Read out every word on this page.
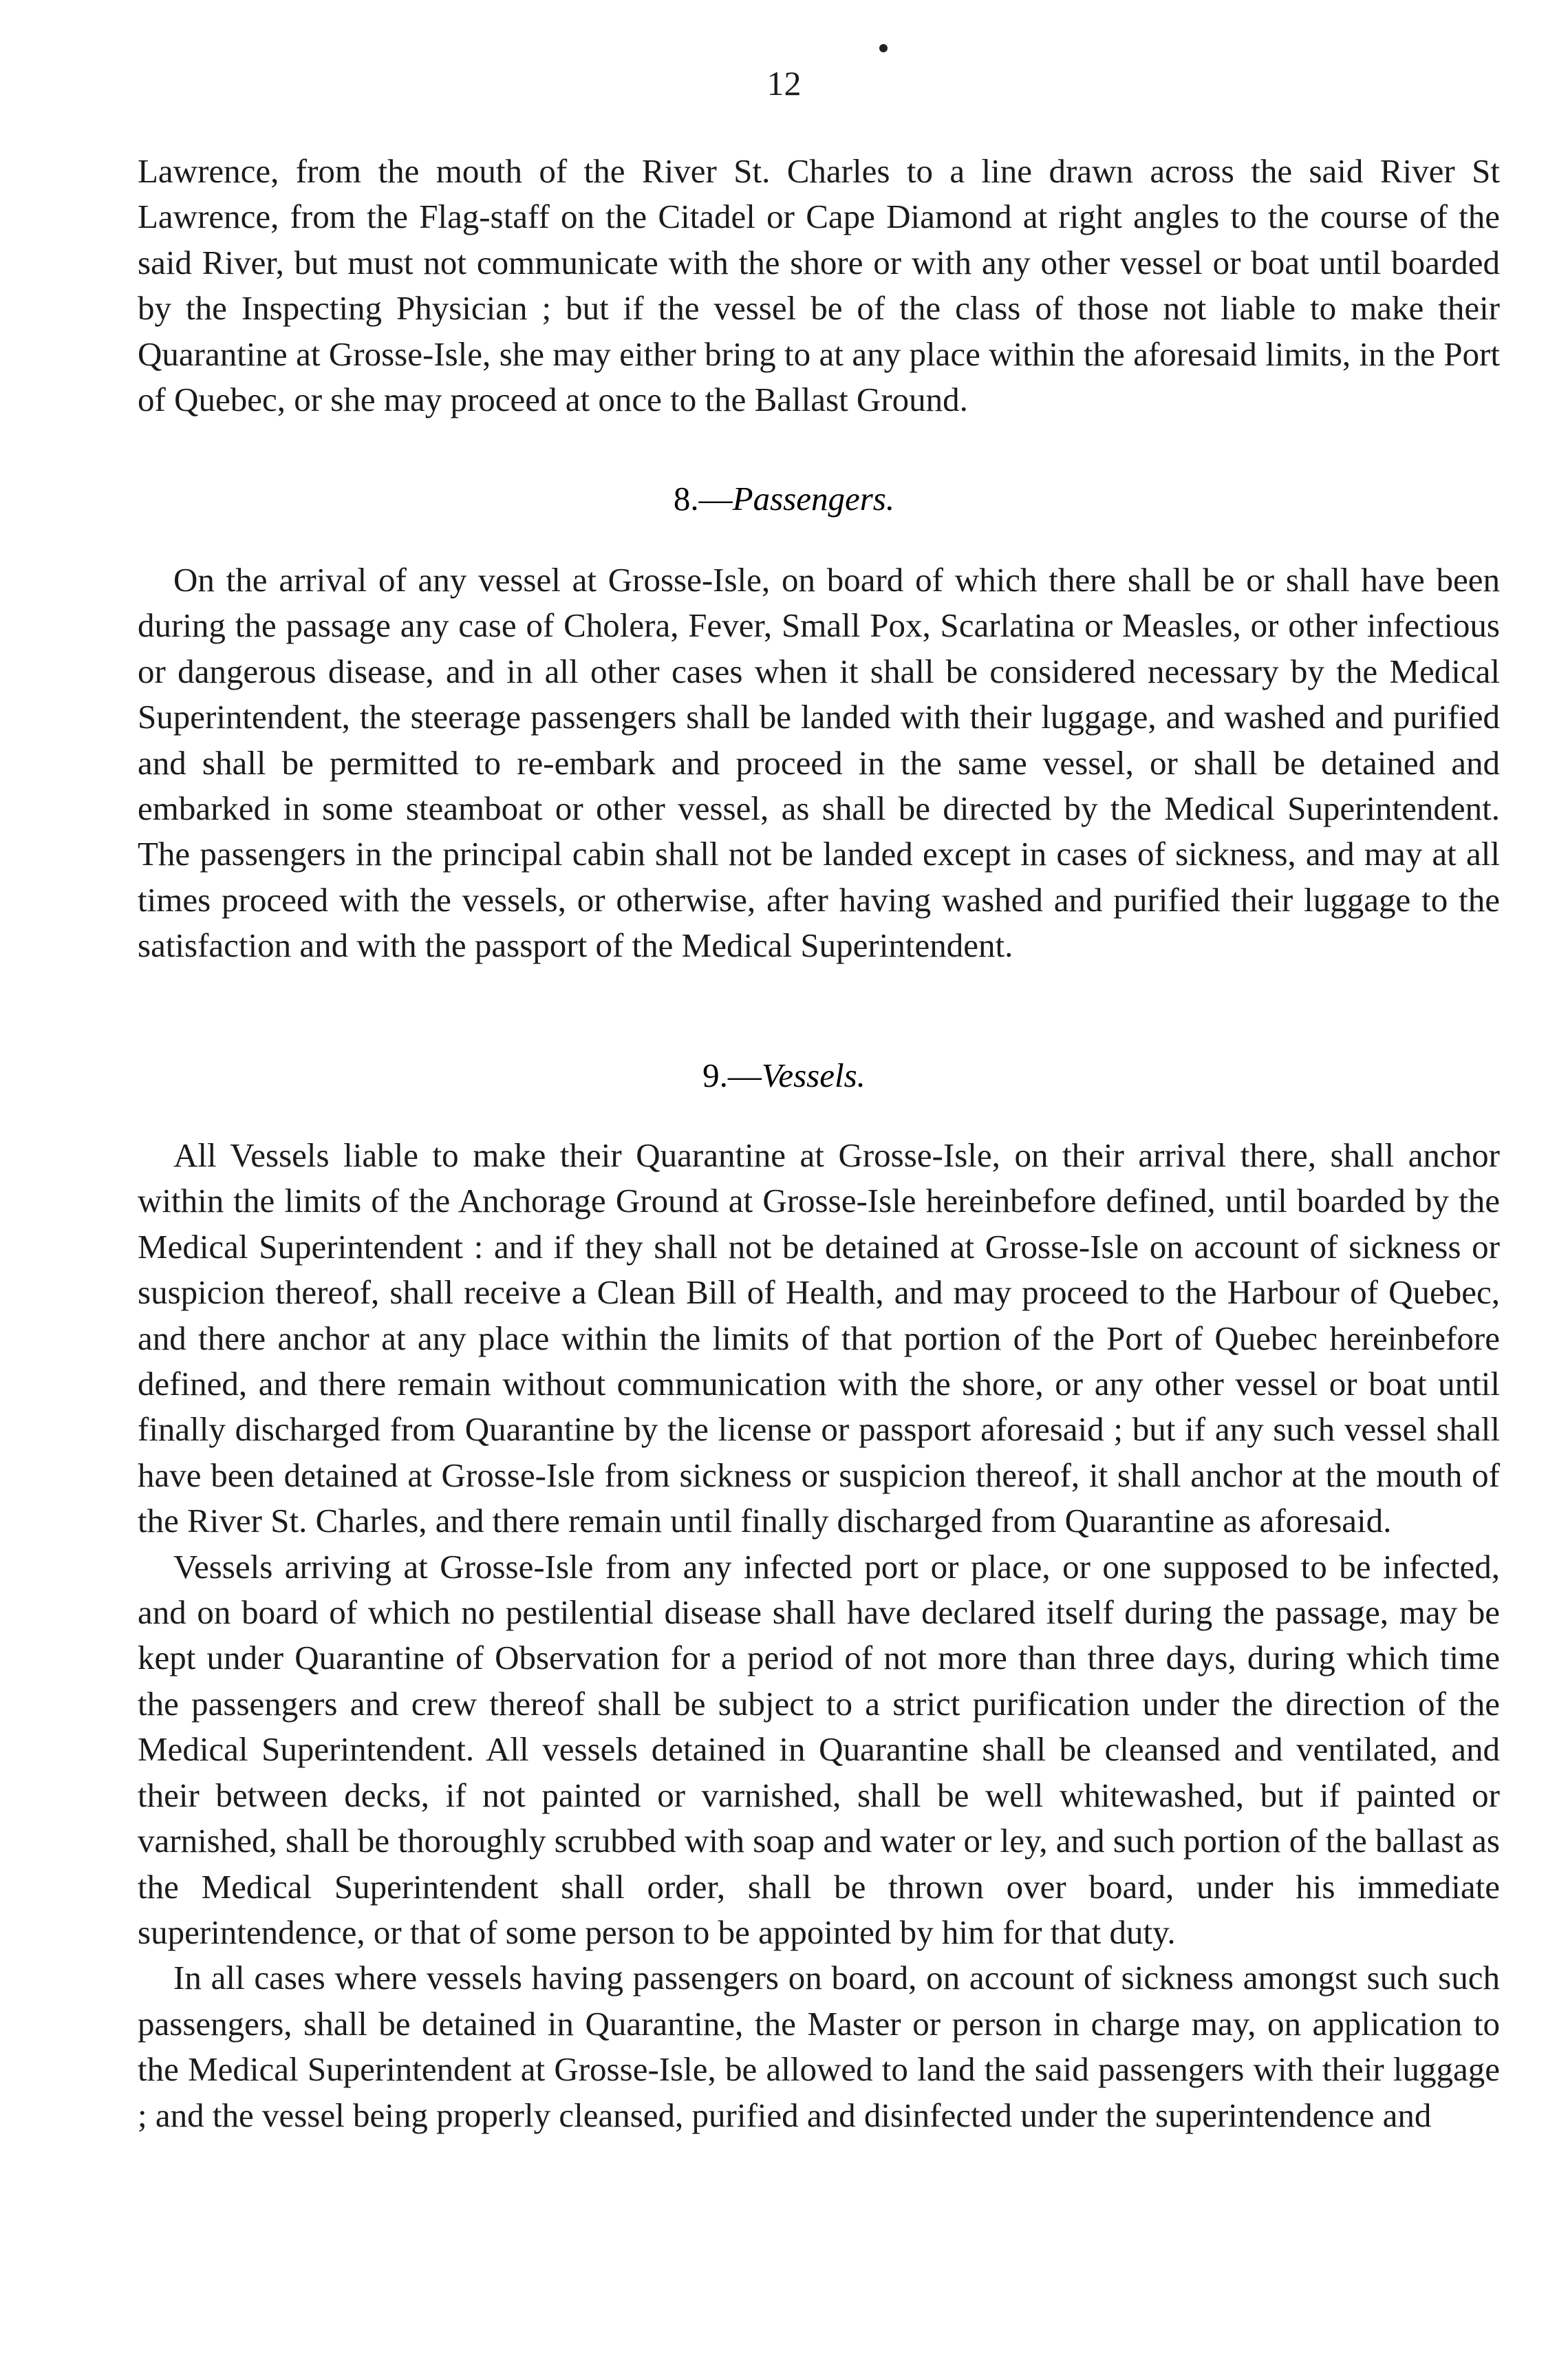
12

Lawrence, from the mouth of the River St. Charles to a line drawn across the said River St Lawrence, from the Flag-staff on the Citadel or Cape Diamond at right angles to the course of the said River, but must not communicate with the shore or with any other vessel or boat until boarded by the Inspecting Physician ; but if the vessel be of the class of those not liable to make their Quarantine at Grosse-Isle, she may either bring to at any place within the aforesaid limits, in the Port of Quebec, or she may proceed at once to the Ballast Ground.

8.—Passengers.

On the arrival of any vessel at Grosse-Isle, on board of which there shall be or shall have been during the passage any case of Cholera, Fever, Small Pox, Scarlatina or Measles, or other infectious or dangerous disease, and in all other cases when it shall be considered necessary by the Medical Superintendent, the steerage passengers shall be landed with their luggage, and washed and purified and shall be permitted to re-embark and proceed in the same vessel, or shall be detained and embarked in some steamboat or other vessel, as shall be directed by the Medical Superintendent. The passengers in the principal cabin shall not be landed except in cases of sickness, and may at all times proceed with the vessels, or otherwise, after having washed and purified their luggage to the satisfaction and with the passport of the Medical Superintendent.

9.—Vessels.

All Vessels liable to make their Quarantine at Grosse-Isle, on their arrival there, shall anchor within the limits of the Anchorage Ground at Grosse-Isle hereinbefore defined, until boarded by the Medical Superintendent : and if they shall not be detained at Grosse-Isle on account of sickness or suspicion thereof, shall receive a Clean Bill of Health, and may proceed to the Harbour of Quebec, and there anchor at any place within the limits of that portion of the Port of Quebec hereinbefore defined, and there remain without communication with the shore, or any other vessel or boat until finally discharged from Quarantine by the license or passport aforesaid ; but if any such vessel shall have been detained at Grosse-Isle from sickness or suspicion thereof, it shall anchor at the mouth of the River St. Charles, and there remain until finally discharged from Quarantine as aforesaid.

Vessels arriving at Grosse-Isle from any infected port or place, or one supposed to be infected, and on board of which no pestilential disease shall have declared itself during the passage, may be kept under Quarantine of Observation for a period of not more than three days, during which time the passengers and crew thereof shall be subject to a strict purification under the direction of the Medical Superintendent. All vessels detained in Quarantine shall be cleansed and ventilated, and their between decks, if not painted or varnished, shall be well whitewashed, but if painted or varnished, shall be thoroughly scrubbed with soap and water or ley, and such portion of the ballast as the Medical Superintendent shall order, shall be thrown over board, under his immediate superintendence, or that of some person to be appointed by him for that duty.

In all cases where vessels having passengers on board, on account of sickness amongst such such passengers, shall be detained in Quarantine, the Master or person in charge may, on application to the Medical Superintendent at Grosse-Isle, be allowed to land the said passengers with their luggage ; and the vessel being properly cleansed, purified and disinfected under the superintendence and
